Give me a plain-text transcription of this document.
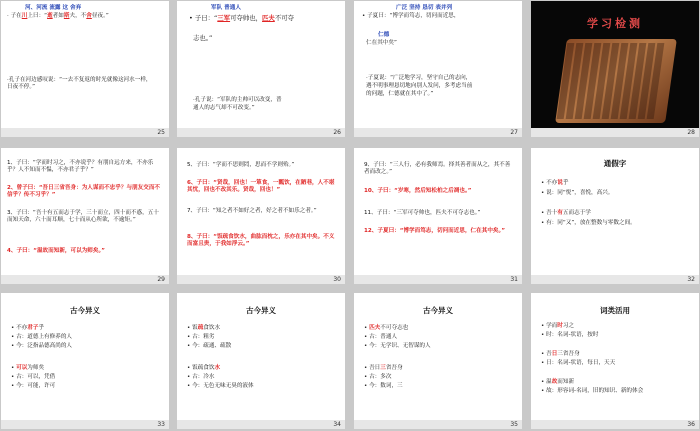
河、河流 流露 这 舍弃
· 子在川上曰：“逝者如斯夫，不舍昼夜。”
·孔子在河边感叹说：“一去不复返的时光就像这河水一样，日夜不停。”
25
军队 普通人
• 子曰：“三军可夺帅也，匹夫不可夺
志也。”
·孔子说：“军队的主帅可以改变，普
通人的志气却不可改变。”
26
广泛 坚持 恳切 表并列
• 子夏曰：“博学而笃志，切问而近思，
仁德
仁在其中矣”
·子夏说：“广泛地学习，坚守自己的志向，
遇不明事理恳切地向别人发问，多考虑当前
的问题，仁德就在其中了。”
27
学习检测
28
1、子曰：“学而时习之，不亦说乎？有朋自远方来，不亦乐乎？人不知而不愠，不亦君子乎？”
2、曾子曰：“吾日三省吾身：为人谋而不忠乎？与朋友交而不信乎？传不习乎？”
3、子曰：“吾十有五而志于学，三十而立，四十而不惑，五十而知天命，六十而耳顺，七十而从心所欲，不逾矩。”
4、子曰：“温故而知新，可以为师矣。”
29
5、子曰：“学而不思则罔，思而不学则殆。”
6、子曰：“贤哉，回也！一箪食，一瓢饮，在陋巷，人不堪其忧，回也不改其乐。贤哉，回也！”
7、子曰：“知之者不如好之者，好之者不如乐之者。”
8、子曰：“饭疏食饮水，曲肱而枕之，乐亦在其中矣。不义而富且贵，于我如浮云。”
30
9、子曰：“三人行，必有我师焉。择其善者而从之，其不善者而改之。”
10、子曰：“岁寒，然后知松柏之后凋也。”
11、子曰：“三军可夺帅也，匹夫不可夺志也。”
12、子夏曰：“博学而笃志，切问而近思，仁在其中矣。”
31
通假字
• 不亦说乎
• 说：同“悦”，喜悦，高兴。
• 吾十有五而志于学
• 有：同“又”，放在整数与零数之间。
32
古今异义
• 不亦君子乎
• 古：道德上有修养的人
• 今：泛指品德高尚的人
• 可以为师矣
• 古：可以，凭借
• 今：可能，许可
33
古今异义
• 饭疏食饮水
• 古：粗劣
• 今：疏通、疏散
• 饭疏食饮水
• 古：冷水
• 今：无色无味无臭的液体
34
古今异义
• 匹夫不可夺志也
• 古：普通人
• 今：无学识、无智谋的人
• 吾日三省吾身
• 古：多次
• 今：数词，三
35
词类活用
• 学而时习之
• 时：名词-状语，按时
• 吾日三省吾身
• 日：名词-状语，每日，天天
• 温故而知新
• 故：形容词-名词，旧的知识、新的体会
36
